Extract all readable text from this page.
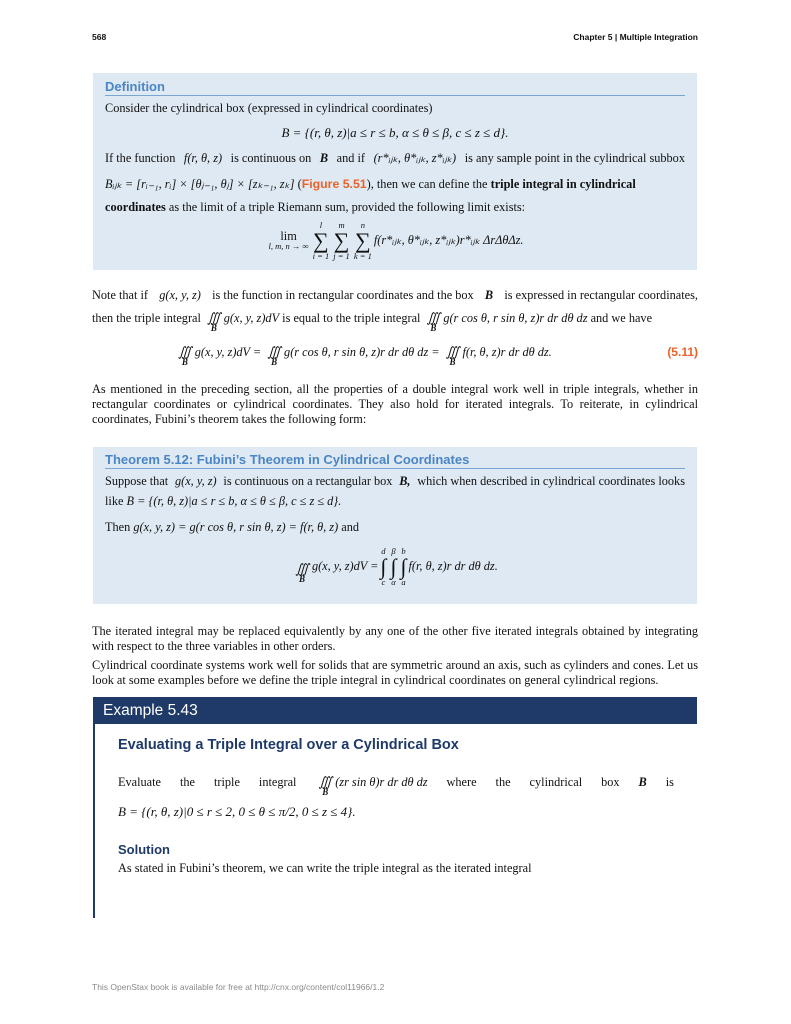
568	Chapter 5 | Multiple Integration
Definition
Consider the cylindrical box (expressed in cylindrical coordinates)
B = {(r, θ, z)|a ≤ r ≤ b, α ≤ θ ≤ β, c ≤ z ≤ d}.
If the function f(r, θ, z) is continuous on B and if (r*ᵢⱼₖ, θ*ᵢⱼₖ, z*ᵢⱼₖ) is any sample point in the cylindrical subbox
Bᵢⱼₖ = [rᵢ₋₁, rᵢ] × [θⱼ₋₁, θⱼ] × [zₖ₋₁, zₖ] (Figure 5.51), then we can define the triple integral in cylindrical
coordinates as the limit of a triple Riemann sum, provided the following limit exists:
lim
l, m, n → ∞
l
∑
i = 1
m
∑
j = 1
n
∑
k = 1
f(r*ᵢⱼₖ, θ*ᵢⱼₖ, z*ᵢⱼₖ)r*ᵢⱼₖ ΔrΔθΔz.
Note that if g(x, y, z) is the function in rectangular coordinates and the box B is expressed in rectangular coordinates,
then the triple integral ∭
B
g(x, y, z)dV is equal to the triple integral ∭
B
g(r cos θ, r sin θ, z)r dr dθ dz and we have
∭
B
g(x, y, z)dV = ∭
B
g(r cos θ, r sin θ, z)r dr dθ dz = ∭
B
f(r, θ, z)r dr dθ dz.	(5.11)
As mentioned in the preceding section, all the properties of a double integral work well in triple integrals, whether in rectangular coordinates or cylindrical coordinates. They also hold for iterated integrals. To reiterate, in cylindrical coordinates, Fubini’s theorem takes the following form:
Theorem 5.12: Fubini’s Theorem in Cylindrical Coordinates
Suppose that g(x, y, z) is continuous on a rectangular box B, which when described in cylindrical coordinates looks
like B = {(r, θ, z)|a ≤ r ≤ b, α ≤ θ ≤ β, c ≤ z ≤ d}.
Then g(x, y, z) = g(r cos θ, r sin θ, z) = f(r, θ, z) and
∭
B
g(x, y, z)dV =
d
∫
c
β
∫
α
b
∫
a
f(r, θ, z)r dr dθ dz.
The iterated integral may be replaced equivalently by any one of the other five iterated integrals obtained by integrating with respect to the three variables in other orders.
Cylindrical coordinate systems work well for solids that are symmetric around an axis, such as cylinders and cones. Let us look at some examples before we define the triple integral in cylindrical coordinates on general cylindrical regions.
Example 5.43
Evaluating a Triple Integral over a Cylindrical Box
Evaluate the triple integral ∭
B
(zr sin θ)r dr dθ dz where the cylindrical box B is
B = {(r, θ, z)|0 ≤ r ≤ 2, 0 ≤ θ ≤ π/2, 0 ≤ z ≤ 4}.
Solution
As stated in Fubini’s theorem, we can write the triple integral as the iterated integral
This OpenStax book is available for free at http://cnx.org/content/col11966/1.2
